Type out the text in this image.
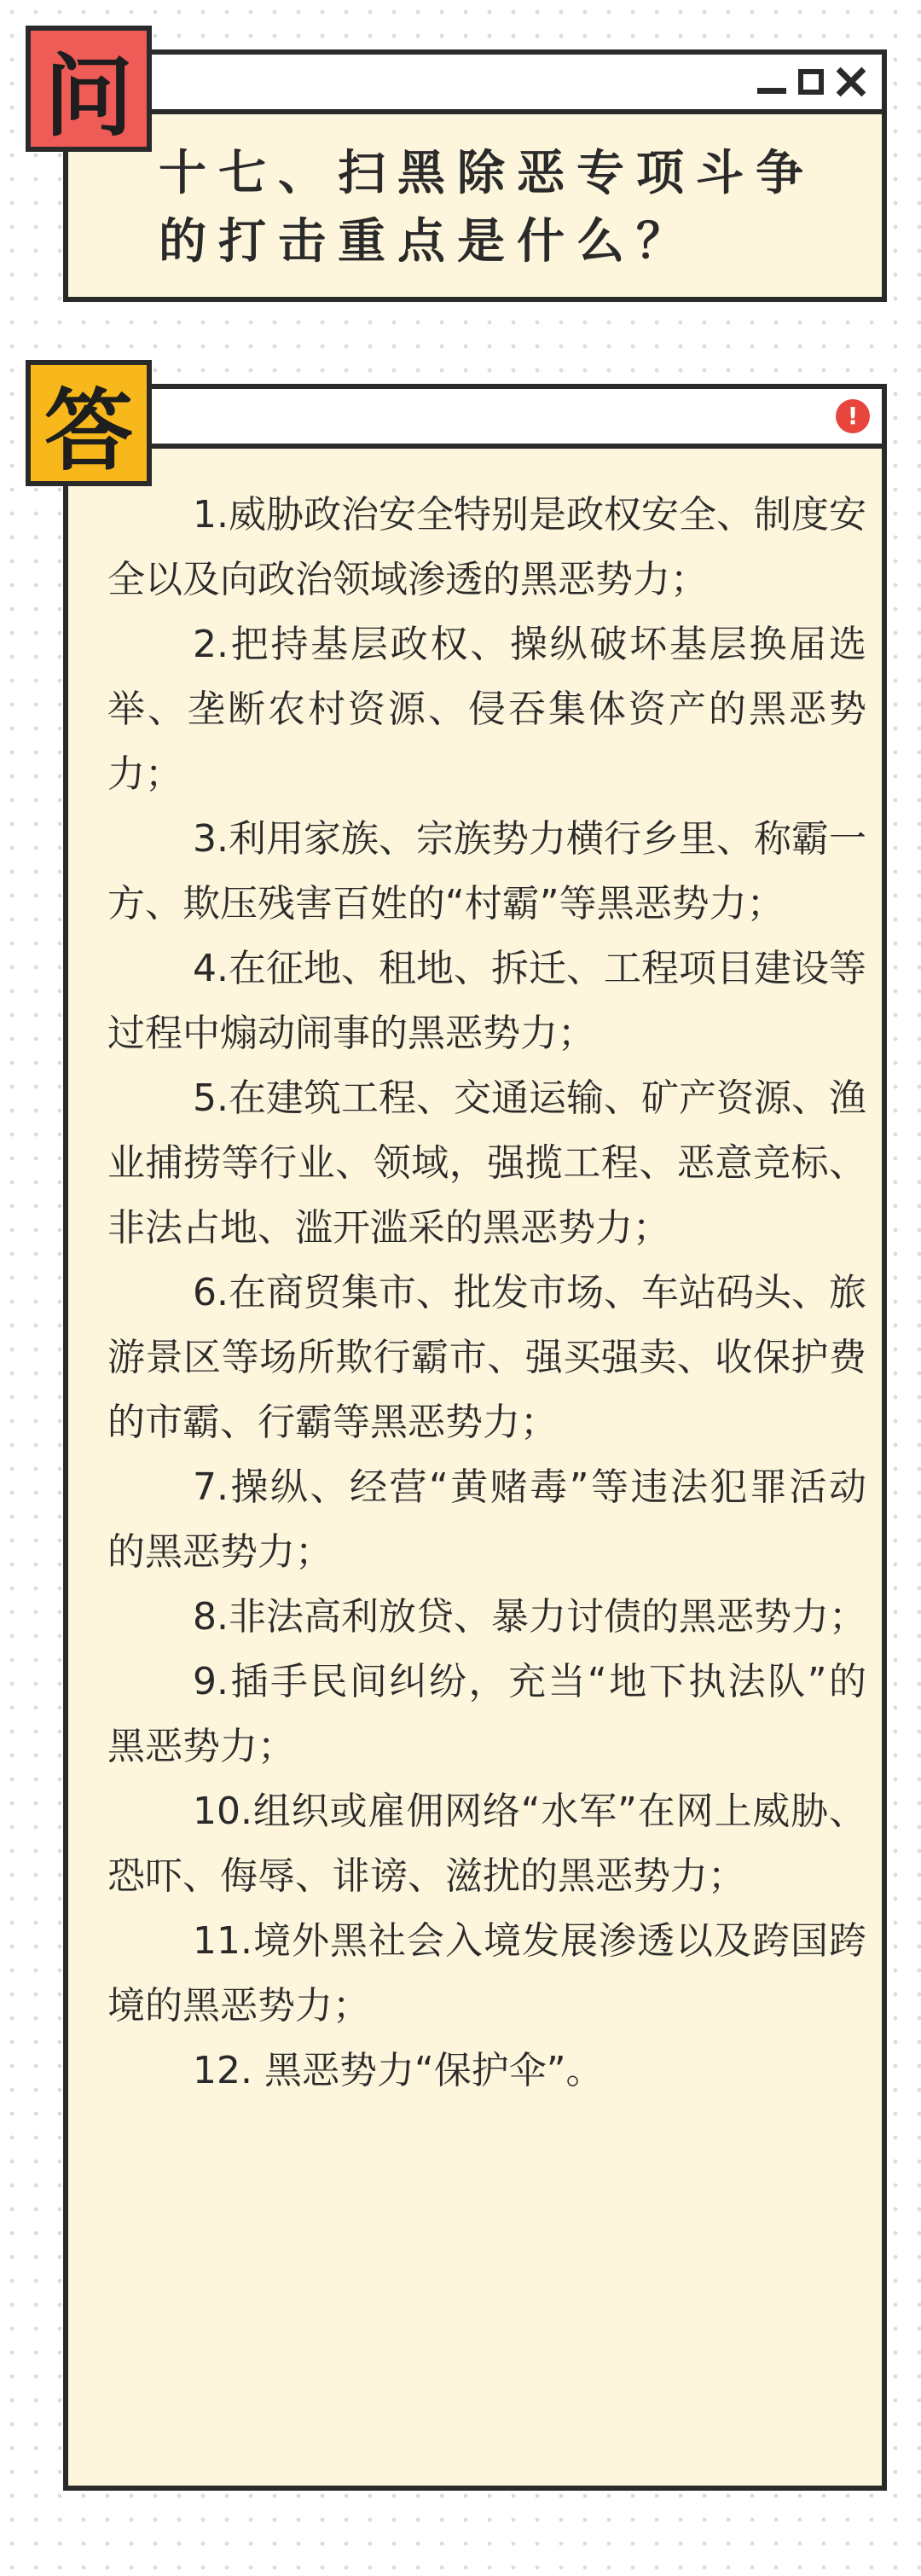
十七、扫黑除恶专项斗争的打击重点是什么？

问
!
1.威胁政治安全特别是政权安全、制度安全以及向政治领域渗透的黑恶势力；
2.把持基层政权、操纵破坏基层换届选举、垄断农村资源、侵吞集体资产的黑恶势力；
3.利用家族、宗族势力横行乡里、称霸一方、欺压残害百姓的“村霸”等黑恶势力；
4.在征地、租地、拆迁、工程项目建设等过程中煽动闹事的黑恶势力；
5.在建筑工程、交通运输、矿产资源、渔业捕捞等行业、领域，强揽工程、恶意竞标、非法占地、滥开滥采的黑恶势力；
6.在商贸集市、批发市场、车站码头、旅游景区等场所欺行霸市、强买强卖、收保护费的市霸、行霸等黑恶势力；
7.操纵、经营“黄赌毒”等违法犯罪活动的黑恶势力；
8.非法高利放贷、暴力讨债的黑恶势力；
9.插手民间纠纷，充当“地下执法队”的黑恶势力；
10.组织或雇佣网络“水军”在网上威胁、恐吓、侮辱、诽谤、滋扰的黑恶势力；
11.境外黑社会入境发展渗透以及跨国跨境的黑恶势力；
12. 黑恶势力“保护伞”。
答
